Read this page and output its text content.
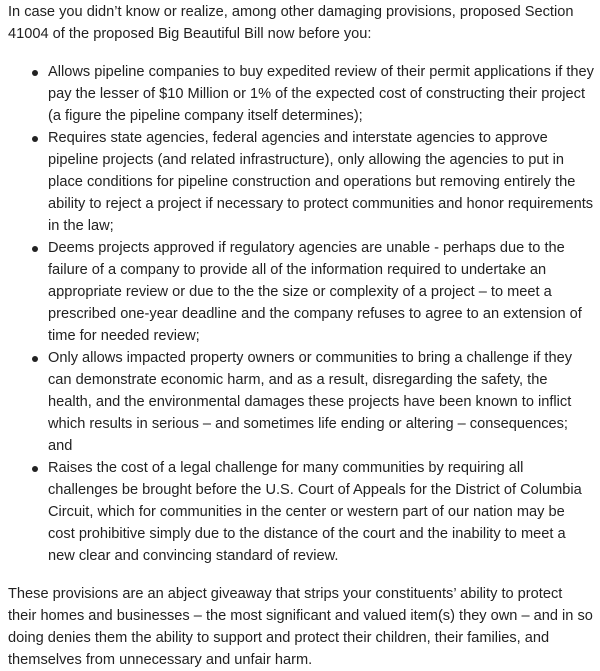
In case you didn’t know or realize, among other damaging provisions, proposed Section 41004 of the proposed Big Beautiful Bill now before you:

Allows pipeline companies to buy expedited review of their permit applications if they pay the lesser of $10 Million or 1% of the expected cost of constructing their project (a figure the pipeline company itself determines);
Requires state agencies, federal agencies and interstate agencies to approve pipeline projects (and related infrastructure), only allowing the agencies to put in place conditions for pipeline construction and operations but removing entirely the ability to reject a project if necessary to protect communities and honor requirements in the law;
Deems projects approved if regulatory agencies are unable - perhaps due to the failure of a company to provide all of the information required to undertake an appropriate review or due to the the size or complexity of a project – to meet a prescribed one-year deadline and the company refuses to agree to an extension of time for needed review;
Only allows impacted property owners or communities to bring a challenge if they can demonstrate economic harm, and as a result, disregarding the safety, the health, and the environmental damages these projects have been known to inflict which results in serious – and sometimes life ending or altering – consequences; and
Raises the cost of a legal challenge for many communities by requiring all challenges be brought before the U.S. Court of Appeals for the District of Columbia Circuit, which for communities in the center or western part of our nation may be cost prohibitive simply due to the distance of the court and the inability to meet a new clear and convincing standard of review.

These provisions are an abject giveaway that strips your constituents’ ability to protect their homes and businesses – the most significant and valued item(s) they own – and in so doing denies them the ability to support and protect their children, their families, and themselves from unnecessary and unfair harm.
